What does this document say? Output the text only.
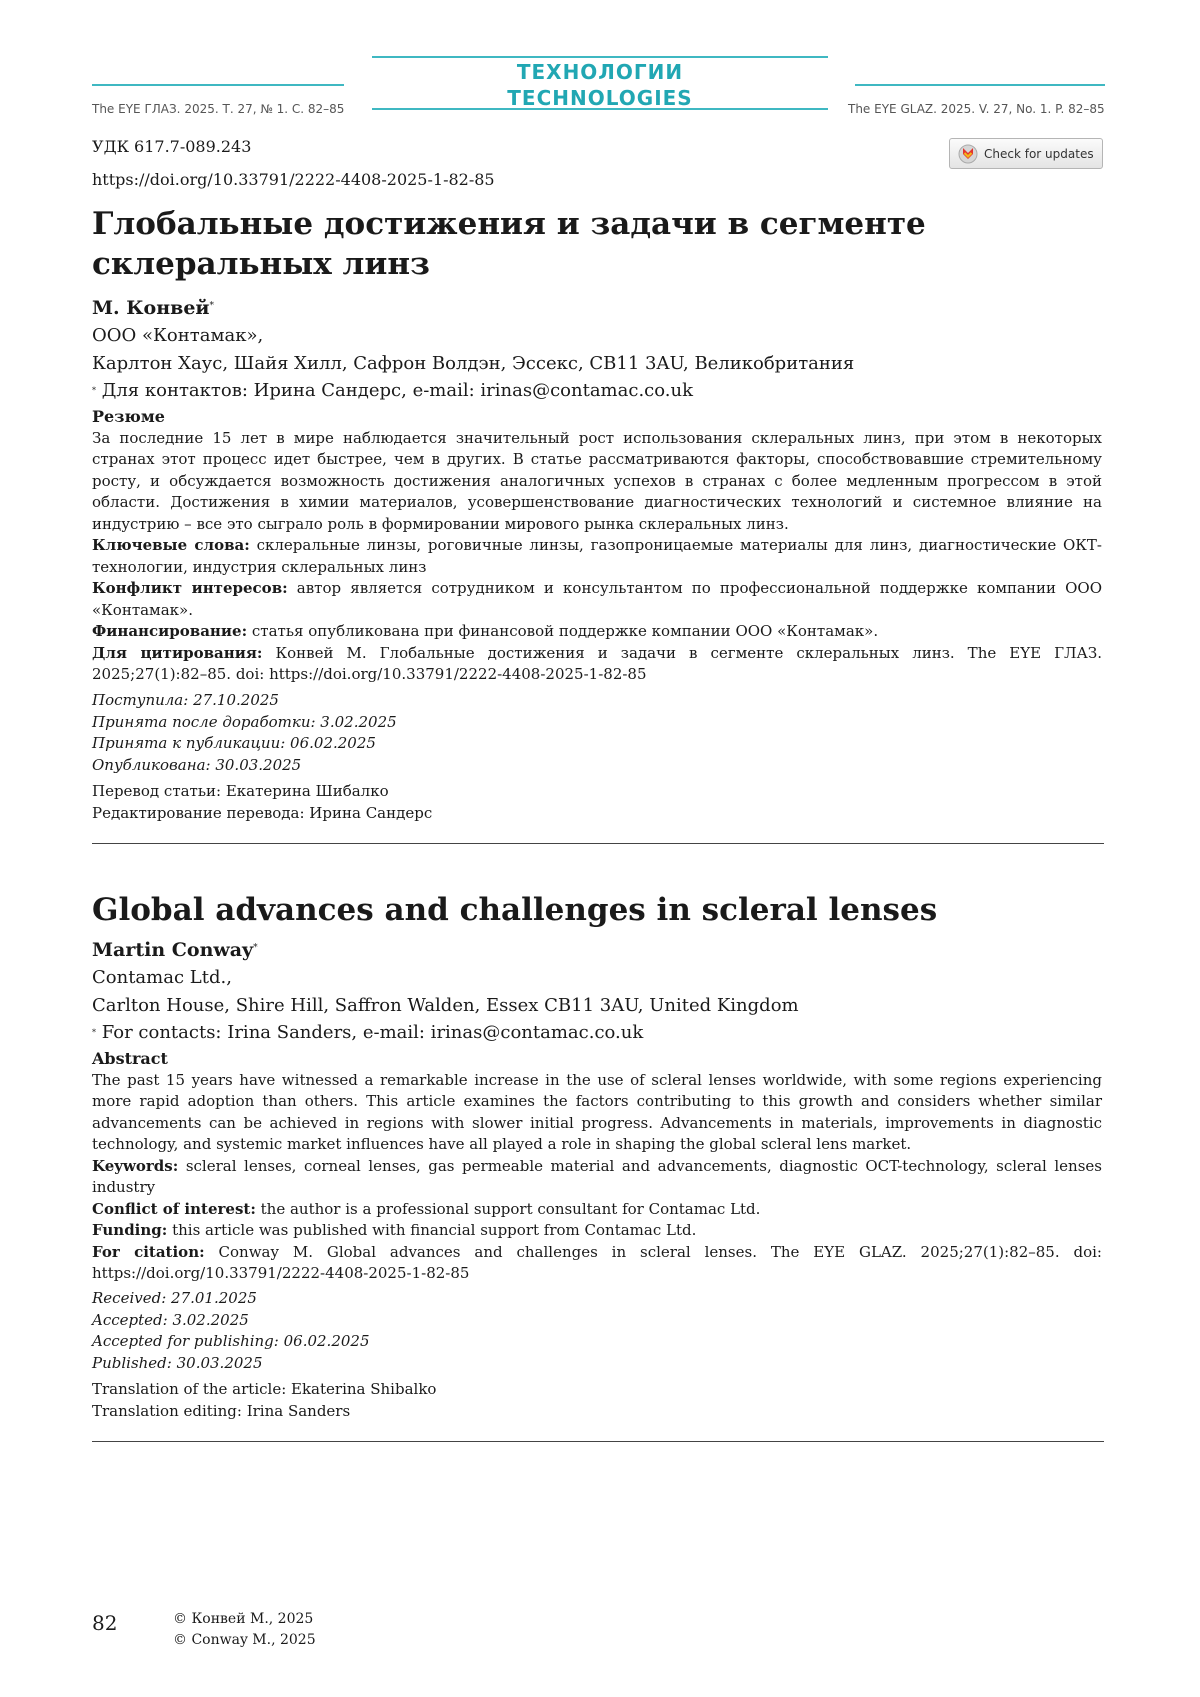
ТЕХНОЛОГИИ
TECHNOLOGIES
The EYE ГЛАЗ. 2025. Т. 27, № 1. С. 82–85	The EYE GLAZ. 2025. V. 27, No. 1. P. 82–85
Check for updates
УДК 617.7-089.243
https://doi.org/10.33791/2222-4408-2025-1-82-85
Глобальные достижения и задачи в сегменте склеральных линз
М. Конвей*
ООО «Контамак»,
Карлтон Хаус, Шайя Хилл, Сафрон Волдэн, Эссекс, CB11 3AU, Великобритания
* Для контактов: Ирина Сандерс, e-mail: irinas@contamac.co.uk
Резюме
За последние 15 лет в мире наблюдается значительный рост использования склеральных линз, при этом в некоторых странах этот процесс идет быстрее, чем в других. В статье рассматриваются факторы, способствовавшие стремительному росту, и обсуждается возможность достижения аналогичных успехов в странах с более медленным прогрессом в этой области. Достижения в химии материалов, усовершенствование диагностических технологий и системное влияние на индустрию – все это сыграло роль в формировании мирового рынка склеральных линз.
Ключевые слова: склеральные линзы, роговичные линзы, газопроницаемые материалы для линз, диагностические ОКТ-технологии, индустрия склеральных линз
Конфликт интересов: автор является сотрудником и консультантом по профессиональной поддержке компании ООО «Контамак».
Финансирование: статья опубликована при финансовой поддержке компании ООО «Контамак».
Для цитирования: Конвей М. Глобальные достижения и задачи в сегменте склеральных линз. The EYE ГЛАЗ. 2025;27(1):82–85. doi: https://doi.org/10.33791/2222-4408-2025-1-82-85
Поступила: 27.10.2025
Принята после доработки: 3.02.2025
Принята к публикации: 06.02.2025
Опубликована: 30.03.2025
Перевод статьи: Екатерина Шибалко
Редактирование перевода: Ирина Сандерс
Global advances and challenges in scleral lenses
Martin Conway*
Contamac Ltd.,
Carlton House, Shire Hill, Saffron Walden, Essex CB11 3AU, United Kingdom
* For contacts: Irina Sanders, e-mail: irinas@contamac.co.uk
Abstract
The past 15 years have witnessed a remarkable increase in the use of scleral lenses worldwide, with some regions experiencing more rapid adoption than others. This article examines the factors contributing to this growth and considers whether similar advancements can be achieved in regions with slower initial progress. Advancements in materials, improvements in diagnostic technology, and systemic market influences have all played a role in shaping the global scleral lens market.
Keywords: scleral lenses, corneal lenses, gas permeable material and advancements, diagnostic OCT-technology, scleral lenses industry
Conflict of interest: the author is a professional support consultant for Contamac Ltd.
Funding: this article was published with financial support from Contamac Ltd.
For citation: Conway M. Global advances and challenges in scleral lenses. The EYE GLAZ. 2025;27(1):82–85. doi: https://doi.org/10.33791/2222-4408-2025-1-82-85
Received: 27.01.2025
Accepted: 3.02.2025
Accepted for publishing: 06.02.2025
Published: 30.03.2025
Translation of the article: Ekaterina Shibalko
Translation editing: Irina Sanders
82	© Конвей М., 2025
© Conway M., 2025
